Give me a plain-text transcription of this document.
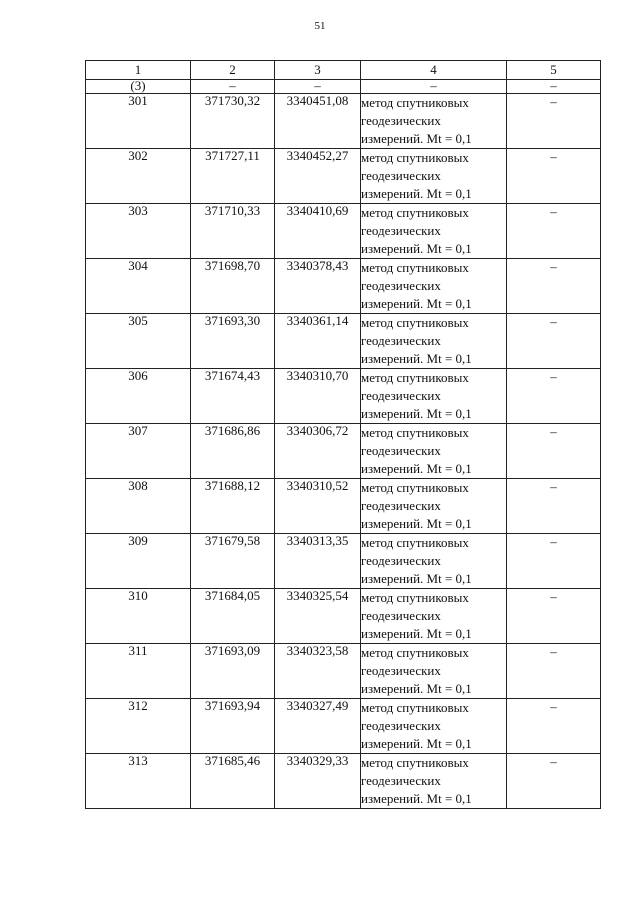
51
1	2	3	4	5
(3)	–	–	–	–
301	371730,32	3340451,08	метод спутниковых геодезических измерений. Mt = 0,1	–
302	371727,11	3340452,27	метод спутниковых геодезических измерений. Mt = 0,1	–
303	371710,33	3340410,69	метод спутниковых геодезических измерений. Mt = 0,1	–
304	371698,70	3340378,43	метод спутниковых геодезических измерений. Mt = 0,1	–
305	371693,30	3340361,14	метод спутниковых геодезических измерений. Mt = 0,1	–
306	371674,43	3340310,70	метод спутниковых геодезических измерений. Mt = 0,1	–
307	371686,86	3340306,72	метод спутниковых геодезических измерений. Mt = 0,1	–
308	371688,12	3340310,52	метод спутниковых геодезических измерений. Mt = 0,1	–
309	371679,58	3340313,35	метод спутниковых геодезических измерений. Mt = 0,1	–
310	371684,05	3340325,54	метод спутниковых геодезических измерений. Mt = 0,1	–
311	371693,09	3340323,58	метод спутниковых геодезических измерений. Mt = 0,1	–
312	371693,94	3340327,49	метод спутниковых геодезических измерений. Mt = 0,1	–
313	371685,46	3340329,33	метод спутниковых геодезических измерений. Mt = 0,1	–
